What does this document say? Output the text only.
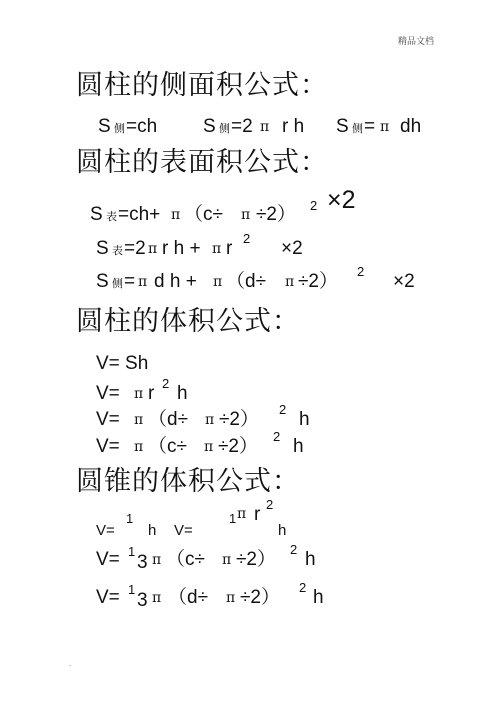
精品文档
圆柱的侧面积公式：
S 侧 =ch S 侧 =2 π r h S 侧 = π dh
圆柱的表面积公式：
S 表 =ch+ π （c÷ π ÷2） 2 ×2
S 表 =2 π r h + π r 2 ×2
S 侧 = π d h + π （d÷ π ÷2） 2 ×2
圆柱的体积公式：
V= Sh
V= π r 2 h
V= π （d÷ π ÷2） 2 h
V= π （c÷ π ÷2） 2 h
圆锥的体积公式：
V=
1
h V=
1 π r 2
h
V= 1
3 π （c÷ π ÷2） 2 h
V= 1
3 π （d÷ π ÷2） 2 h
.
